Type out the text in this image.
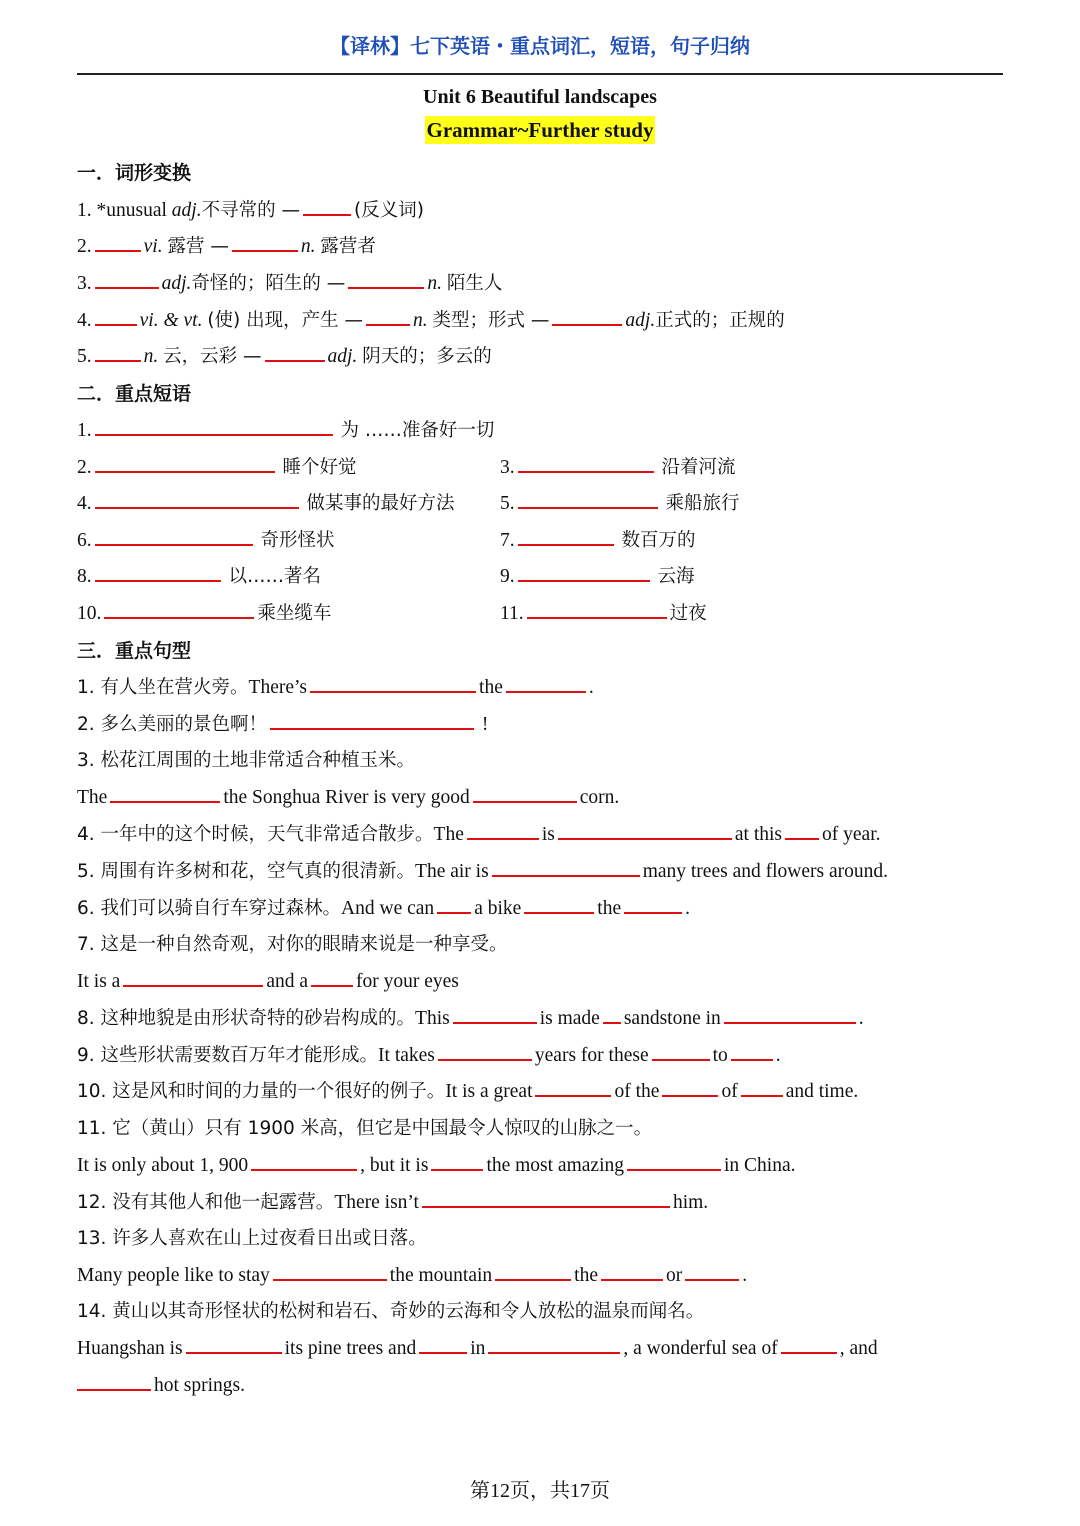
【译林】七下英语・重点词汇，短语，句子归纳
Unit 6 Beautiful landscapes
Grammar~Further study
一．词形变换
1. *unusual adj.不寻常的 —	(反义词)
2.	vi. 露营 —	n. 露营者
3.	adj.奇怪的；陌生的 —	n. 陌生人
4. vi. & vt. (使) 出现，产生 —	n. 类型；形式 —	adj.正式的；正规的
5.	n. 云，云彩 —	adj. 阴天的；多云的
二．重点短语
1.	为 ……准备好一切
2.	睡个好觉	3.	沿着河流
4.	做某事的最好方法 5.	乘船旅行
6.	奇形怪状	7.	数百万的
8.	以……著名	9.	云海
10.	乘坐缆车	11.	过夜
三．重点句型
1. 有人坐在营火旁。There’s	the	.
2. 多么美丽的景色啊！	!
3. 松花江周围的土地非常适合种植玉米。
The	the Songhua River is very good	corn.
4. 一年中的这个时候，天气非常适合散步。The	is	at this of year.
5. 周围有许多树和花，空气真的很清新。The air is	many trees and flowers around.
6. 我们可以骑自行车穿过森林。And we can a bike	the	.
7. 这是一种自然奇观，对你的眼睛来说是一种享受。
It is a	and a for your eyes
8. 这种地貌是由形状奇特的砂岩构成的。This	is made sandstone in	.
9. 这些形状需要数百万年才能形成。It takes	years for these	to .
10. 这是风和时间的力量的一个很好的例子。It is a great	of the	of and time.
11. 它（黄山）只有 1900 米高，但它是中国最令人惊叹的山脉之一。
It is only about 1, 900	, but it is	the most amazing	in China.
12. 没有其他人和他一起露营。There isn’t	him.
13. 许多人喜欢在山上过夜看日出或日落。
Many people like to stay	the mountain	the	or	.
14. 黄山以其奇形怪状的松树和岩石、奇妙的云海和令人放松的温泉而闻名。
Huangshan is	its pine trees and	in	, a wonderful sea of	, and
hot springs.
第12页，共17页
